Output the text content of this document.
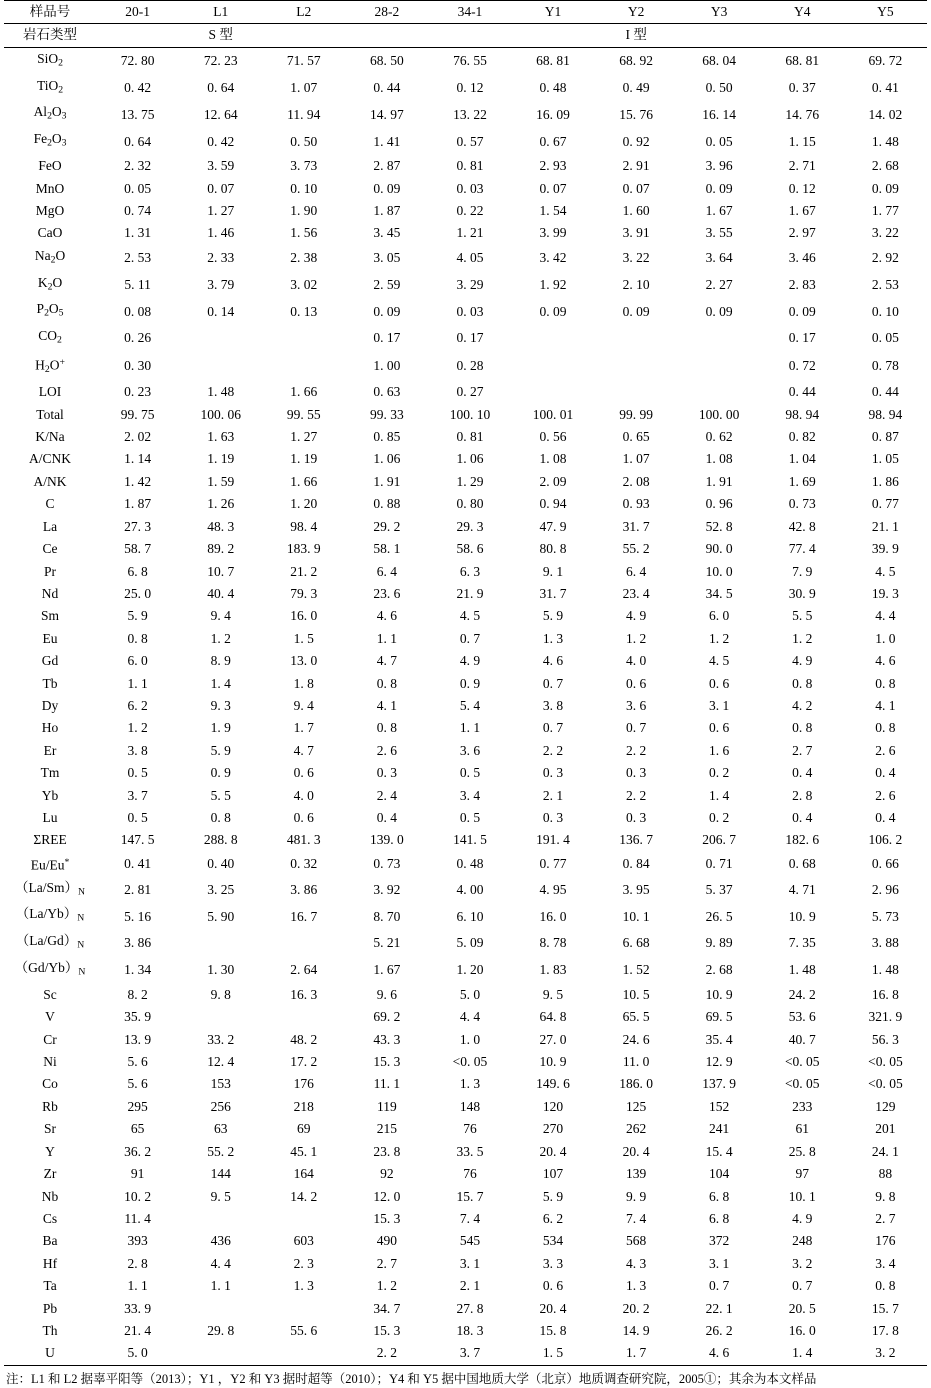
样品号	20-1	L1	L2	28-2	34-1	Y1	Y2	Y3	Y4	Y5
岩石类型	S 型			I 型						
SiO$_2$	72. 80	72. 23	71. 57	68. 50	76. 55	68. 81	68. 92	68. 04	68. 81	69. 72
TiO$_2$	0. 42	0. 64	1. 07	0. 44	0. 12	0. 48	0. 49	0. 50	0. 37	0. 41
$Al_2O_3$	13. 75	12. 64	11. 94	14. 97	13. 22	16. 09	15. 76	16. 14	14. 76	14. 02
$Fe_2O_3$	0. 64	0. 42	0. 50	1. 41	0. 57	0. 67	0. 92	0. 05	1. 15	1. 48
FeO	2. 32	3. 59	3. 73	2. 87	0. 81	2. 93	2. 91	3. 96	2. 71	2. 68
MnO	0. 05	0. 07	0. 10	0. 09	0. 03	0. 07	0. 07	0. 09	0. 12	0. 09
MgO	0. 74	1. 27	1. 90	1. 87	0. 22	1. 54	1. 60	1. 67	1. 67	1. 77
CaO	1. 31	1. 46	1. 56	3. 45	1. 21	3. 99	3. 91	3. 55	2. 97	3. 22
$Na_2O$	2. 53	2. 33	2. 38	3. 05	4. 05	3. 42	3. 22	3. 64	3. 46	2. 92
$K_2O$	5. 11	3. 79	3. 02	2. 59	3. 29	1. 92	2. 10	2. 27	2. 83	2. 53
$P_2O_5$	0. 08	0. 14	0. 13	0. 09	0. 03	0. 09	0. 09	0. 09	0. 09	0. 10
$CO_2$	0. 26			0. 17	0. 17				0. 17	0. 05
$H_2O^+$	0. 30			1. 00	0. 28				0. 72	0. 78
LOI	0. 23	1. 48	1. 66	0. 63	0. 27				0. 44	0. 44
Total	99. 75	100. 06	99. 55	99. 33	100. 10	100. 01	99. 99	100. 00	98. 94	98. 94
K/Na	2. 02	1. 63	1. 27	0. 85	0. 81	0. 56	0. 65	0. 62	0. 82	0. 87
A/CNK	1. 14	1. 19	1. 19	1. 06	1. 06	1. 08	1. 07	1. 08	1. 04	1. 05
A/NK	1. 42	1. 59	1. 66	1. 91	1. 29	2. 09	2. 08	1. 91	1. 69	1. 86
C	1. 87	1. 26	1. 20	0. 88	0. 80	0. 94	0. 93	0. 96	0. 73	0. 77
La	27. 3	48. 3	98. 4	29. 2	29. 3	47. 9	31. 7	52. 8	42. 8	21. 1
Ce	58. 7	89. 2	183. 9	58. 1	58. 6	80. 8	55. 2	90. 0	77. 4	39. 9
Pr	6. 8	10. 7	21. 2	6. 4	6. 3	9. 1	6. 4	10. 0	7. 9	4. 5
Nd	25. 0	40. 4	79. 3	23. 6	21. 9	31. 7	23. 4	34. 5	30. 9	19. 3
Sm	5. 9	9. 4	16. 0	4. 6	4. 5	5. 9	4. 9	6. 0	5. 5	4. 4
Eu	0. 8	1. 2	1. 5	1. 1	0. 7	1. 3	1. 2	1. 2	1. 2	1. 0
Gd	6. 0	8. 9	13. 0	4. 7	4. 9	4. 6	4. 0	4. 5	4. 9	4. 6
Tb	1. 1	1. 4	1. 8	0. 8	0. 9	0. 7	0. 6	0. 6	0. 8	0. 8
Dy	6. 2	9. 3	9. 4	4. 1	5. 4	3. 8	3. 6	3. 1	4. 2	4. 1
Ho	1. 2	1. 9	1. 7	0. 8	1. 1	0. 7	0. 7	0. 6	0. 8	0. 8
Er	3. 8	5. 9	4. 7	2. 6	3. 6	2. 2	2. 2	1. 6	2. 7	2. 6
Tm	0. 5	0. 9	0. 6	0. 3	0. 5	0. 3	0. 3	0. 2	0. 4	0. 4
Yb	3. 7	5. 5	4. 0	2. 4	3. 4	2. 1	2. 2	1. 4	2. 8	2. 6
Lu	0. 5	0. 8	0. 6	0. 4	0. 5	0. 3	0. 3	0. 2	0. 4	0. 4
ΣREE	147. 5	288. 8	481. 3	139. 0	141. 5	191. 4	136. 7	206. 7	182. 6	106. 2
Eu/Eu*	0. 41	0. 40	0. 32	0. 73	0. 48	0. 77	0. 84	0. 71	0. 68	0. 66
$(La/Sm)_N$	2. 81	3. 25	3. 86	3. 92	4. 00	4. 95	3. 95	5. 37	4. 71	2. 96
$(La/Yb)_N$	5. 16	5. 90	16. 7	8. 70	6. 10	16. 0	10. 1	26. 5	10. 9	5. 73
$(La/Gd)_N$	3. 86			5. 21	5. 09	8. 78	6. 68	9. 89	7. 35	3. 88
$(Gd/Yb)_N$	1. 34	1. 30	2. 64	1. 67	1. 20	1. 83	1. 52	2. 68	1. 48	1. 48
Sc	8. 2	9. 8	16. 3	9. 6	5. 0	9. 5	10. 5	10. 9	24. 2	16. 8
V	35. 9			69. 2	4. 4	64. 8	65. 5	69. 5	53. 6	321. 9
Cr	13. 9	33. 2	48. 2	43. 3	1. 0	27. 0	24. 6	35. 4	40. 7	56. 3
Ni	5. 6	12. 4	17. 2	15. 3	<0. 05	10. 9	11. 0	12. 9	<0. 05	<0. 05
Co	5. 6	153	176	11. 1	1. 3	149. 6	186. 0	137. 9	<0. 05	<0. 05
Rb	295	256	218	119	148	120	125	152	233	129
Sr	65	63	69	215	76	270	262	241	61	201
Y	36. 2	55. 2	45. 1	23. 8	33. 5	20. 4	20. 4	15. 4	25. 8	24. 1
Zr	91	144	164	92	76	107	139	104	97	88
Nb	10. 2	9. 5	14. 2	12. 0	15. 7	5. 9	9. 9	6. 8	10. 1	9. 8
Cs	11. 4			15. 3	7. 4	6. 2	7. 4	6. 8	4. 9	2. 7
Ba	393	436	603	490	545	534	568	372	248	176
Hf	2. 8	4. 4	2. 3	2. 7	3. 1	3. 3	4. 3	3. 1	3. 2	3. 4
Ta	1. 1	1. 1	1. 3	1. 2	2. 1	0. 6	1. 3	0. 7	0. 7	0. 8
Pb	33. 9			34. 7	27. 8	20. 4	20. 2	22. 1	20. 5	15. 7
Th	21. 4	29. 8	55. 6	15. 3	18. 3	15. 8	14. 9	26. 2	16. 0	17. 8
U	5. 0			2. 2	3. 7	1. 5	1. 7	4. 6	1. 4	3. 2
注：L1 和 L2 据辜平阳等（2013）；Y1 ，Y2 和 Y3 据时超等（2010）；Y4 和 Y5 据中国地质大学（北京）地质调查研究院，2005①；其余为本文样品
